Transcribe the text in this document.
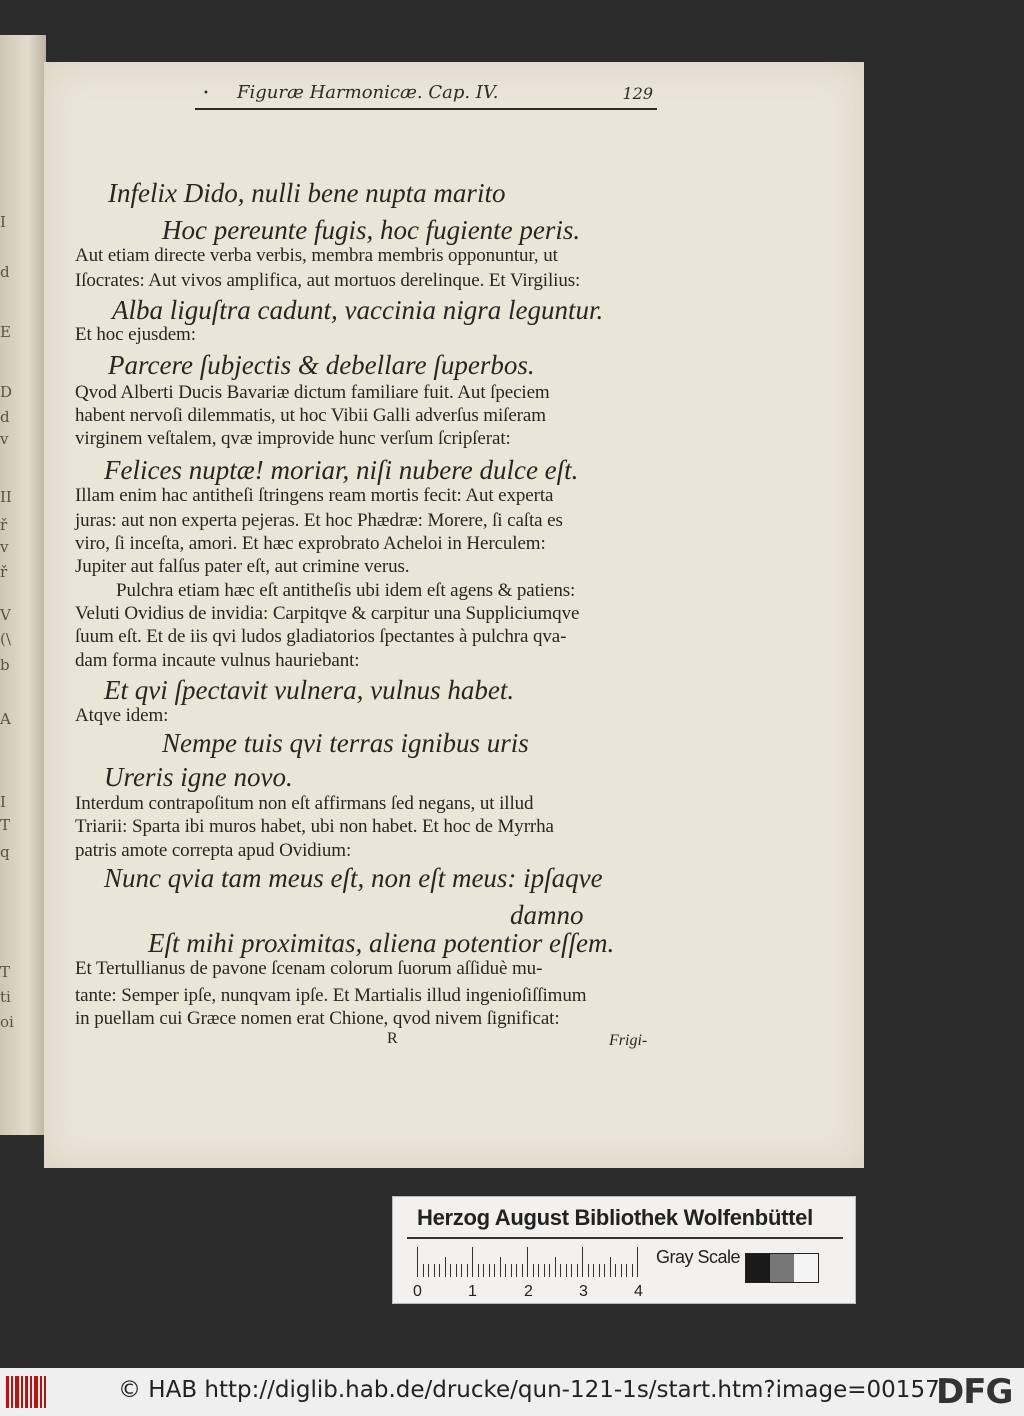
I
d
E
D
d
v
II
ř
v
ř
V
(\
b
A
I
T
q
T
ti
oi
• Figuræ Harmonicæ. Cap. IV.	129
Infelix Dido, nulli bene nupta marito
Hoc pereunte fugis, hoc fugiente peris.
Aut etiam directe verba verbis, membra membris opponuntur, ut
Iſocrates: Aut vivos amplifica, aut mortuos derelinque. Et Virgilius:
Alba liguſtra cadunt, vaccinia nigra leguntur.
Et hoc ejusdem:
Parcere ſubjectis & debellare ſuperbos.
Qvod Alberti Ducis Bavariæ dictum familiare fuit. Aut ſpeciem
habent nervoſi dilemmatis, ut hoc Vibii Galli adverſus miſeram
virginem veſtalem, qvæ improvide hunc verſum ſcripſerat:
Felices nuptæ! moriar, niſi nubere dulce eſt.
Illam enim hac antitheſi ſtringens ream mortis fecit: Aut experta
juras: aut non experta pejeras. Et hoc Phædræ: Morere, ſi caſta es
viro, ſi inceſta, amori. Et hæc exprobrato Acheloi in Herculem:
Jupiter aut falſus pater eſt, aut crimine verus.
Pulchra etiam hæc eſt antitheſis ubi idem eſt agens & patiens:
Veluti Ovidius de invidia: Carpitqve & carpitur una Suppliciumqve
ſuum eſt. Et de iis qvi ludos gladiatorios ſpectantes à pulchra qva-
dam forma incaute vulnus hauriebant:
Et qvi ſpectavit vulnera, vulnus habet.
Atqve idem:
Nempe tuis qvi terras ignibus uris
Ureris igne novo.
Interdum contrapoſitum non eſt affirmans ſed negans, ut illud
Triarii: Sparta ibi muros habet, ubi non habet. Et hoc de Myrrha
patris amote correpta apud Ovidium:
Nunc qvia tam meus eſt, non eſt meus: ipſaqve
damno
Eſt mihi proximitas, aliena potentior eſſem.
Et Tertullianus de pavone ſcenam colorum ſuorum aſſiduè mu-
tante: Semper ipſe, nunqvam ipſe. Et Martialis illud ingenioſiſſimum
in puellam cui Græce nomen erat Chione, qvod nivem ſignificat:
R	Frigi-
Herzog August Bibliothek Wolfenbüttel
0	1	2	3	4
Gray Scale
© HAB http://diglib.hab.de/drucke/qun-121-1s/start.htm?image=00157
DFG
